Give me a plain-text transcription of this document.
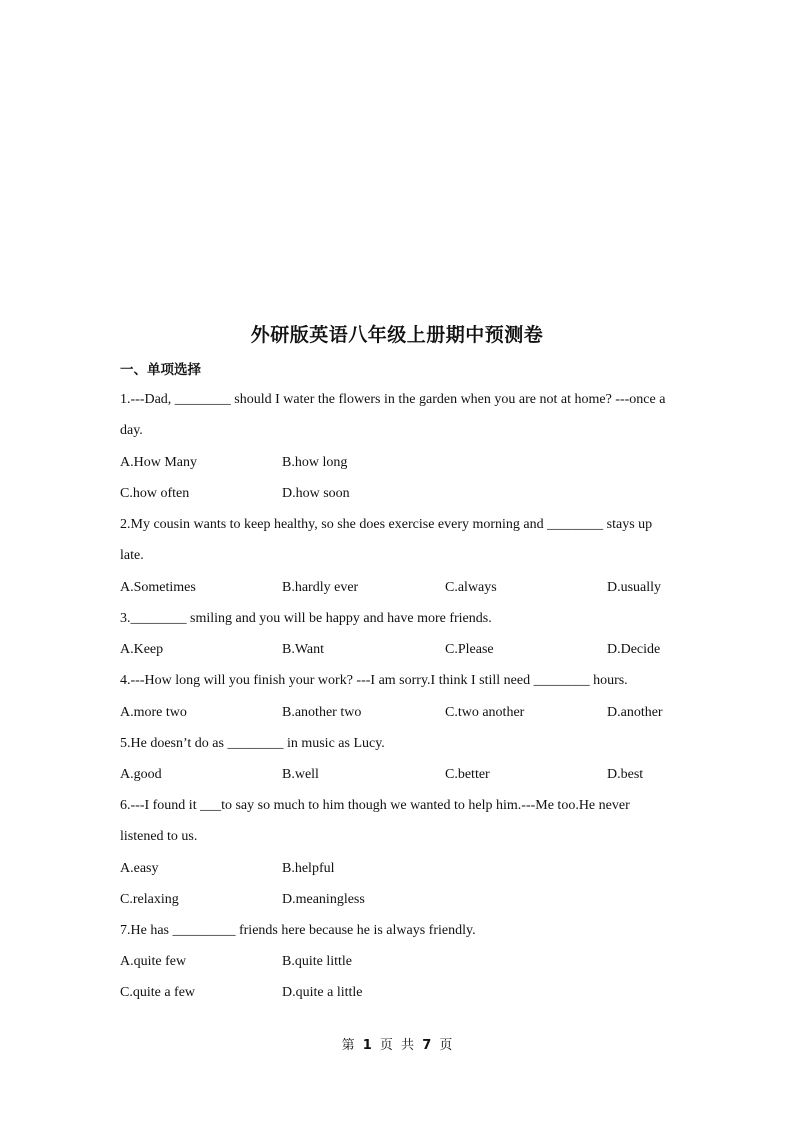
外研版英语八年级上册期中预测卷
一、单项选择
1.---Dad, ________ should I water the flowers in the garden when you are not at home? ---once a
day.
A.How Many	B.how long
C.how often	D.how soon
2.My cousin wants to keep healthy, so she does exercise every morning and ________ stays up
late.
A.Sometimes	B.hardly ever	C.always	D.usually
3.________ smiling and you will be happy and have more friends.
A.Keep	B.Want	C.Please	D.Decide
4.---How long will you finish your work? ---I am sorry.I think I still need ________ hours.
A.more two	B.another two	C.two another	D.another
5.He doesn’t do as ________ in music as Lucy.
A.good	B.well	C.better	D.best
6.---I found it ___to say so much to him though we wanted to help him.---Me too.He never
listened to us.
A.easy	B.helpful
C.relaxing	D.meaningless
7.He has _________ friends here because he is always friendly.
A.quite few	B.quite little
C.quite a few	D.quite a little
第 1 页 共 7 页
